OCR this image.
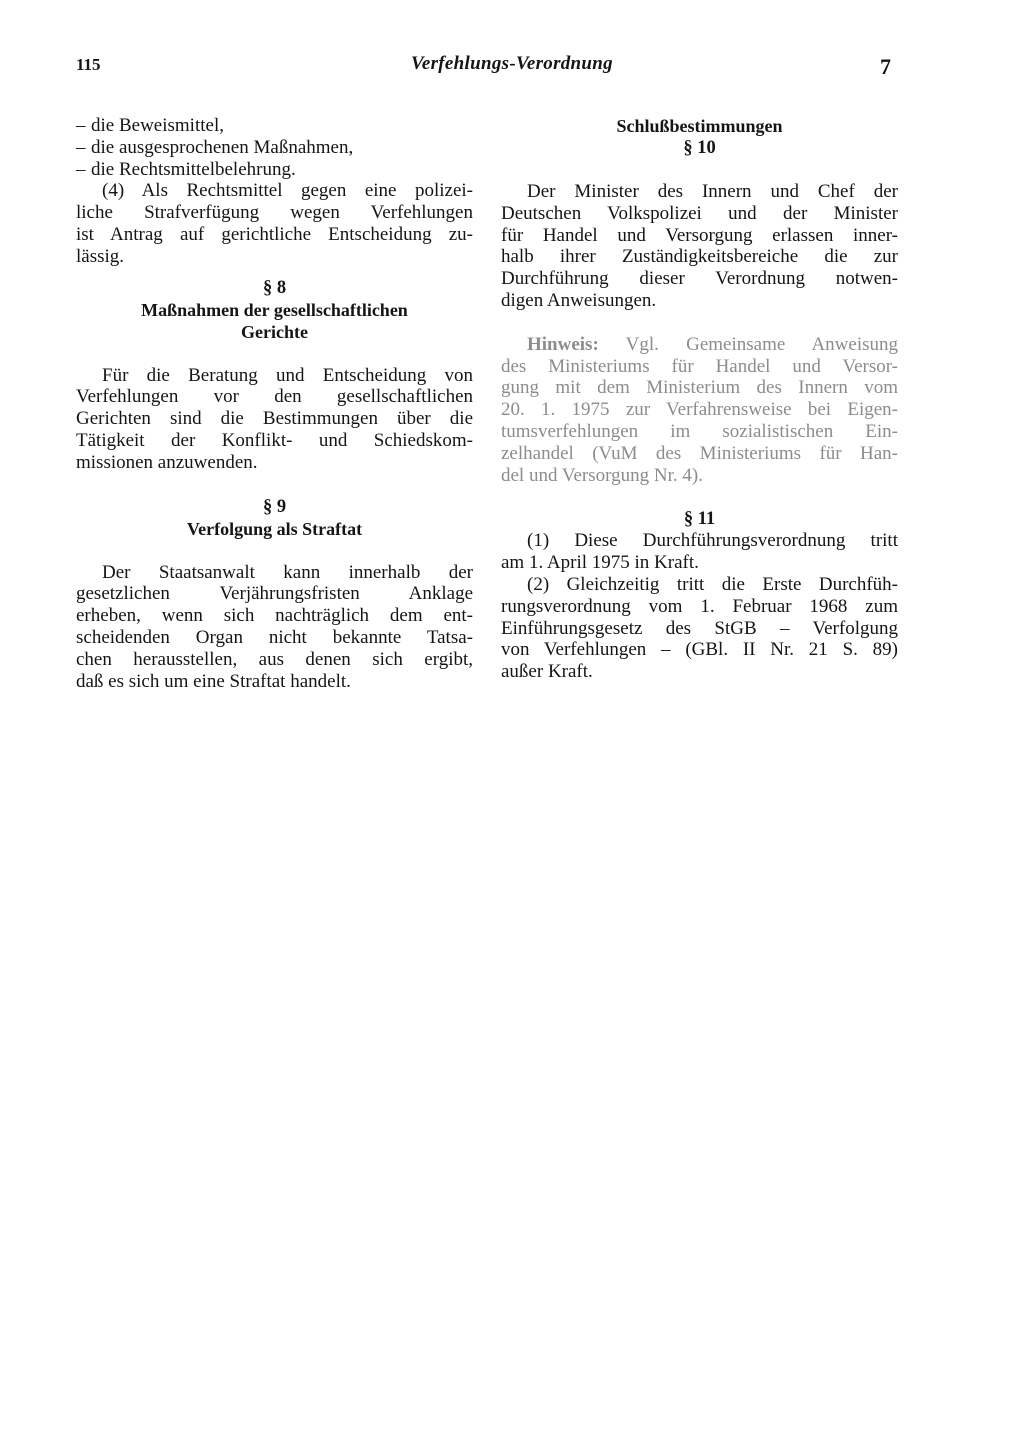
115	Verfehlungs-Verordnung	7
– die Beweismittel,
– die ausgesprochenen Maßnahmen,
– die Rechtsmittelbelehrung.
(4) Als Rechtsmittel gegen eine polizei-
liche Strafverfügung wegen Verfehlungen
ist Antrag auf gerichtliche Entscheidung zu-
lässig.
§ 8
Maßnahmen der gesellschaftlichen
Gerichte
Für die Beratung und Entscheidung von
Verfehlungen vor den gesellschaftlichen
Gerichten sind die Bestimmungen über die
Tätigkeit der Konflikt- und Schiedskom-
missionen anzuwenden.
§ 9
Verfolgung als Straftat
Der Staatsanwalt kann innerhalb der
gesetzlichen Verjährungsfristen Anklage
erheben, wenn sich nachträglich dem ent-
scheidenden Organ nicht bekannte Tatsa-
chen herausstellen, aus denen sich ergibt,
daß es sich um eine Straftat handelt.
Schlußbestimmungen
§ 10
Der Minister des Innern und Chef der
Deutschen Volkspolizei und der Minister
für Handel und Versorgung erlassen inner-
halb ihrer Zuständigkeitsbereiche die zur
Durchführung dieser Verordnung notwen-
digen Anweisungen.
Hinweis: Vgl. Gemeinsame Anweisung
des Ministeriums für Handel und Versor-
gung mit dem Ministerium des Innern vom
20. 1. 1975 zur Verfahrensweise bei Eigen-
tumsverfehlungen im sozialistischen Ein-
zelhandel (VuM des Ministeriums für Han-
del und Versorgung Nr. 4).
§ 11
(1) Diese Durchführungsverordnung tritt
am 1. April 1975 in Kraft.
(2) Gleichzeitig tritt die Erste Durchfüh-
rungsverordnung vom 1. Februar 1968 zum
Einführungsgesetz des StGB – Verfolgung
von Verfehlungen – (GBl. II Nr. 21 S. 89)
außer Kraft.
